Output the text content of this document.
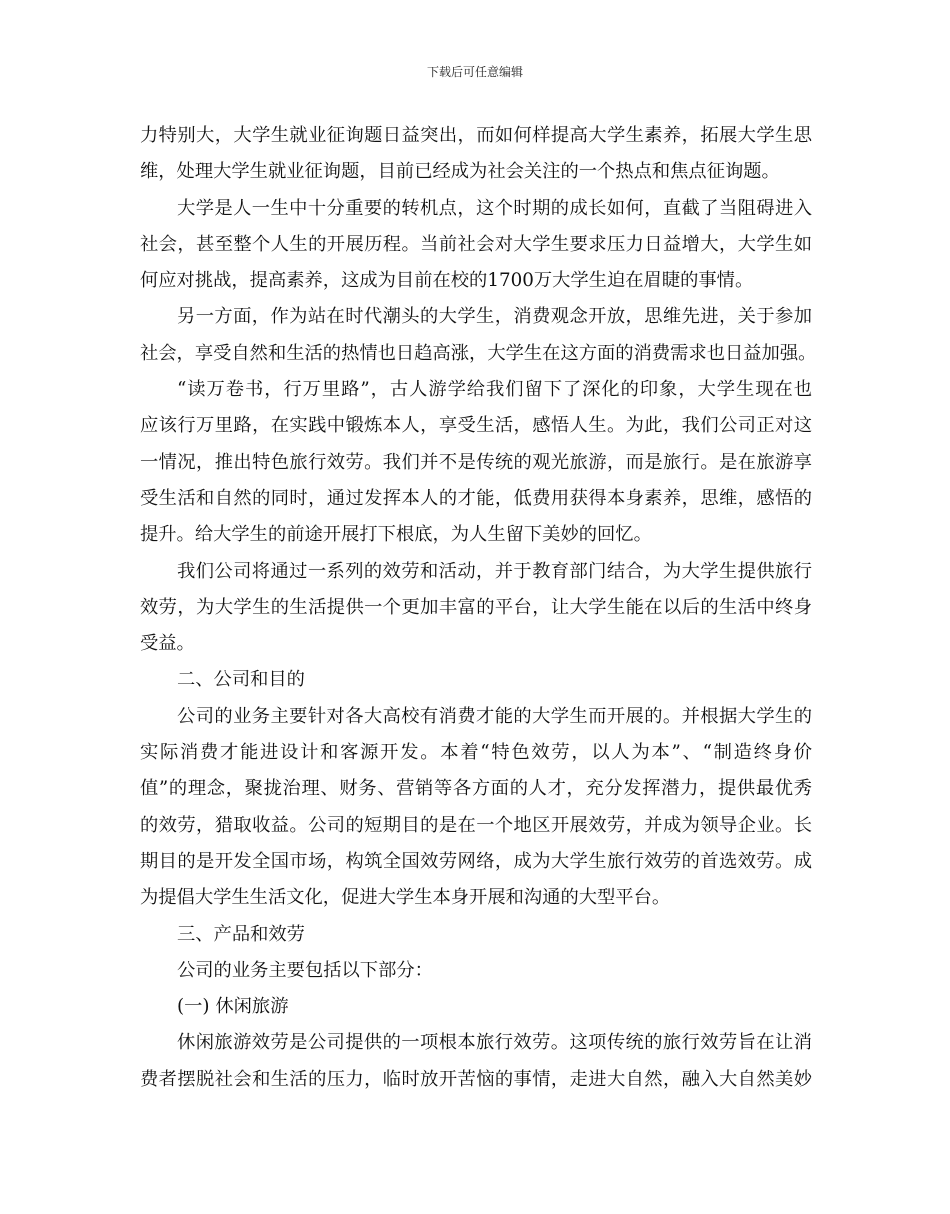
下载后可任意编辑
力特别大，大学生就业征询题日益突出，而如何样提高大学生素养，拓展大学生思
维，处理大学生就业征询题，目前已经成为社会关注的一个热点和焦点征询题。
大学是人一生中十分重要的转机点，这个时期的成长如何，直截了当阻碍进入
社会，甚至整个人生的开展历程。当前社会对大学生要求压力日益增大，大学生如
何应对挑战，提高素养，这成为目前在校的1700万大学生迫在眉睫的事情。
另一方面，作为站在时代潮头的大学生，消费观念开放，思维先进，关于参加
社会，享受自然和生活的热情也日趋高涨，大学生在这方面的消费需求也日益加强。
“读万卷书，行万里路”，古人游学给我们留下了深化的印象，大学生现在也
应该行万里路，在实践中锻炼本人，享受生活，感悟人生。为此，我们公司正对这
一情况，推出特色旅行效劳。我们并不是传统的观光旅游，而是旅行。是在旅游享
受生活和自然的同时，通过发挥本人的才能，低费用获得本身素养，思维，感悟的
提升。给大学生的前途开展打下根底，为人生留下美妙的回忆。
我们公司将通过一系列的效劳和活动，并于教育部门结合，为大学生提供旅行
效劳，为大学生的生活提供一个更加丰富的平台，让大学生能在以后的生活中终身
受益。
二、公司和目的
公司的业务主要针对各大高校有消费才能的大学生而开展的。并根据大学生的
实际消费才能进设计和客源开发。本着“特色效劳，以人为本”、“制造终身价
值”的理念，聚拢治理、财务、营销等各方面的人才，充分发挥潜力，提供最优秀
的效劳，猎取收益。公司的短期目的是在一个地区开展效劳，并成为领导企业。长
期目的是开发全国市场，构筑全国效劳网络，成为大学生旅行效劳的首选效劳。成
为提倡大学生生活文化，促进大学生本身开展和沟通的大型平台。
三、产品和效劳
公司的业务主要包括以下部分：
(一) 休闲旅游
休闲旅游效劳是公司提供的一项根本旅行效劳。这项传统的旅行效劳旨在让消
费者摆脱社会和生活的压力，临时放开苦恼的事情，走进大自然，融入大自然美妙
